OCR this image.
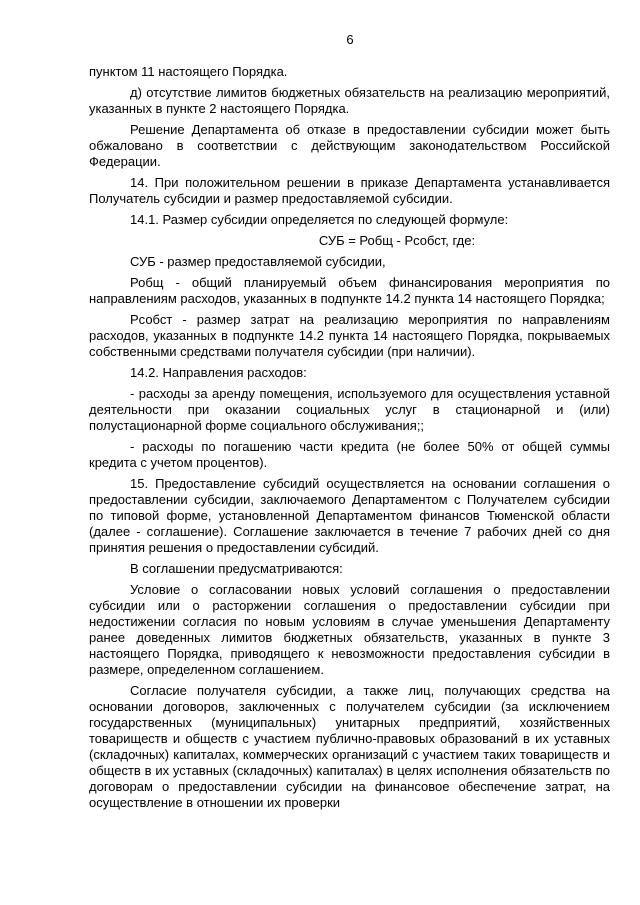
6

пунктом 11 настоящего Порядка.

д) отсутствие лимитов бюджетных обязательств на реализацию мероприятий, указанных в пункте 2 настоящего Порядка.

Решение Департамента об отказе в предоставлении субсидии может быть обжаловано в соответствии с действующим законодательством Российской Федерации.

14. При положительном решении в приказе Департамента устанавливается Получатель субсидии и размер предоставляемой субсидии.

14.1. Размер субсидии определяется по следующей формуле:

СУБ = Робщ - Рсобст, где:

СУБ - размер предоставляемой субсидии,

Робщ - общий планируемый объем финансирования мероприятия по направлениям расходов, указанных в подпункте 14.2 пункта 14 настоящего Порядка;

Рсобст - размер затрат на реализацию мероприятия по направлениям расходов, указанных в подпункте 14.2 пункта 14 настоящего Порядка, покрываемых собственными средствами получателя субсидии (при наличии).

14.2. Направления расходов:

- расходы за аренду помещения, используемого для осуществления уставной деятельности при оказании социальных услуг в стационарной и (или) полустационарной форме социального обслуживания;;

- расходы по погашению части кредита (не более 50% от общей суммы кредита с учетом процентов).

15. Предоставление субсидий осуществляется на основании соглашения о предоставлении субсидии, заключаемого Департаментом с Получателем субсидии по типовой форме, установленной Департаментом финансов Тюменской области (далее - соглашение). Соглашение заключается в течение 7 рабочих дней со дня принятия решения о предоставлении субсидий.

В соглашении предусматриваются:

Условие о согласовании новых условий соглашения о предоставлении субсидии или о расторжении соглашения о предоставлении субсидии при недостижении согласия по новым условиям в случае уменьшения Департаменту ранее доведенных лимитов бюджетных обязательств, указанных в пункте 3 настоящего Порядка, приводящего к невозможности предоставления субсидии в размере, определенном соглашением.

Согласие получателя субсидии, а также лиц, получающих средства на основании договоров, заключенных с получателем субсидии (за исключением государственных (муниципальных) унитарных предприятий, хозяйственных товариществ и обществ с участием публично-правовых образований в их уставных (складочных) капиталах, коммерческих организаций с участием таких товариществ и обществ в их уставных (складочных) капиталах) в целях исполнения обязательств по договорам о предоставлении субсидии на финансовое обеспечение затрат, на осуществление в отношении их проверки
